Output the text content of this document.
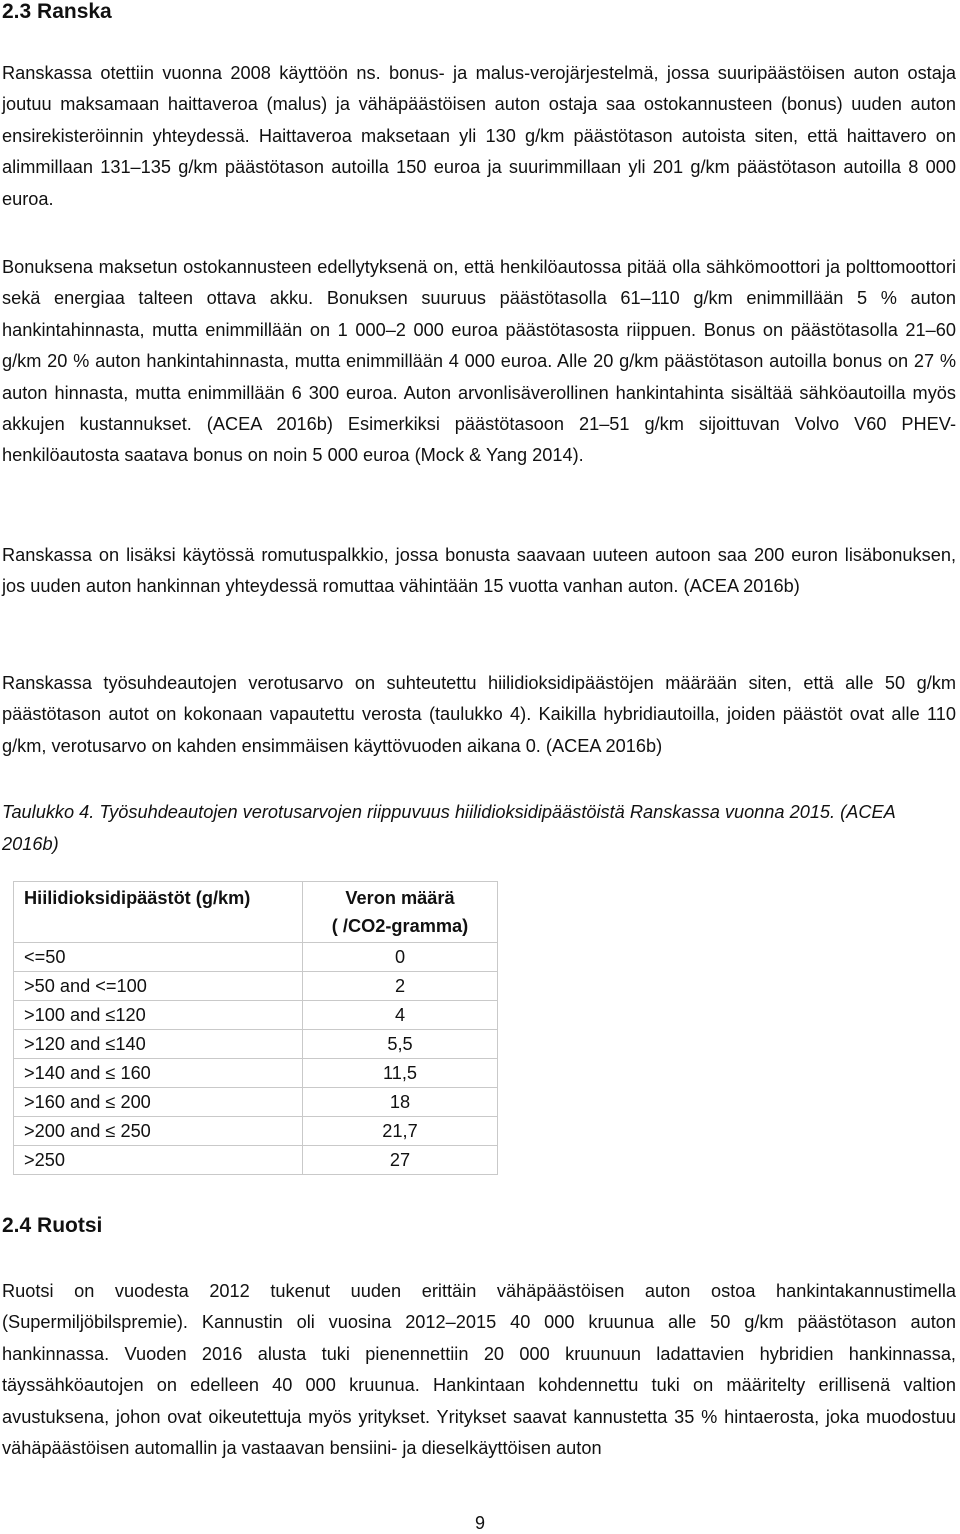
2.3 Ranska

Ranskassa otettiin vuonna 2008 käyttöön ns. bonus- ja malus-verojärjestelmä, jossa suuripäästöisen auton ostaja joutuu maksamaan haittaveroa (malus) ja vähäpäästöisen auton ostaja saa ostokannusteen (bonus) uuden auton ensirekisteröinnin yhteydessä. Haittaveroa maksetaan yli 130 g/km päästötason autoista siten, että haittavero on alimmillaan 131–135 g/km päästötason autoilla 150 euroa ja suurimmillaan yli 201 g/km päästötason autoilla 8 000 euroa.

Bonuksena maksetun ostokannusteen edellytyksenä on, että henkilöautossa pitää olla sähkömoottori ja polttomoottori sekä energiaa talteen ottava akku. Bonuksen suuruus päästötasolla 61–110 g/km enimmillään 5 % auton hankintahinnasta, mutta enimmillään on 1 000–2 000 euroa päästötasosta riippuen. Bonus on päästötasolla 21–60 g/km 20 % auton hankintahinnasta, mutta enimmillään 4 000 euroa. Alle 20 g/km päästötason autoilla bonus on 27 % auton hinnasta, mutta enimmillään 6 300 euroa. Auton arvonlisäverollinen hankintahinta sisältää sähköautoilla myös akkujen kustannukset. (ACEA 2016b) Esimerkiksi päästötasoon 21–51 g/km sijoittuvan Volvo V60 PHEV-henkilöautosta saatava bonus on noin 5 000 euroa (Mock & Yang 2014).

Ranskassa on lisäksi käytössä romutuspalkkio, jossa bonusta saavaan uuteen autoon saa 200 euron lisäbonuksen, jos uuden auton hankinnan yhteydessä romuttaa vähintään 15 vuotta vanhan auton. (ACEA 2016b)

Ranskassa työsuhdeautojen verotusarvo on suhteutettu hiilidioksidipäästöjen määrään siten, että alle 50 g/km päästötason autot on kokonaan vapautettu verosta (taulukko 4). Kaikilla hybridiautoilla, joiden päästöt ovat alle 110 g/km, verotusarvo on kahden ensimmäisen käyttövuoden aikana 0. (ACEA 2016b)

Taulukko 4. Työsuhdeautojen verotusarvojen riippuvuus hiilidioksidipäästöistä Ranskassa vuonna 2015. (ACEA 2016b)

Hiilidioksidipäästöt (g/km)	Veron määrä
( /CO2-gramma)
<=50	0
>50 and <=100	2
>100 and ≤120	4
>120 and ≤140	5,5
>140 and ≤ 160	11,5
>160 and ≤ 200	18
>200 and ≤ 250	21,7
>250	27
2.4 Ruotsi

Ruotsi on vuodesta 2012 tukenut uuden erittäin vähäpäästöisen auton ostoa hankintakannustimella (Supermiljöbilspremie). Kannustin oli vuosina 2012–2015 40 000 kruunua alle 50 g/km päästötason auton hankinnassa. Vuoden 2016 alusta tuki pienennettiin 20 000 kruunuun ladattavien hybridien hankinnassa, täyssähköautojen on edelleen 40 000 kruunua. Hankintaan kohdennettu tuki on määritelty erillisenä valtion avustuksena, johon ovat oikeutettuja myös yritykset. Yritykset saavat kannustetta 35 % hintaerosta, joka muodostuu vähäpäästöisen automallin ja vastaavan bensiini- ja dieselkäyttöisen auton

9
